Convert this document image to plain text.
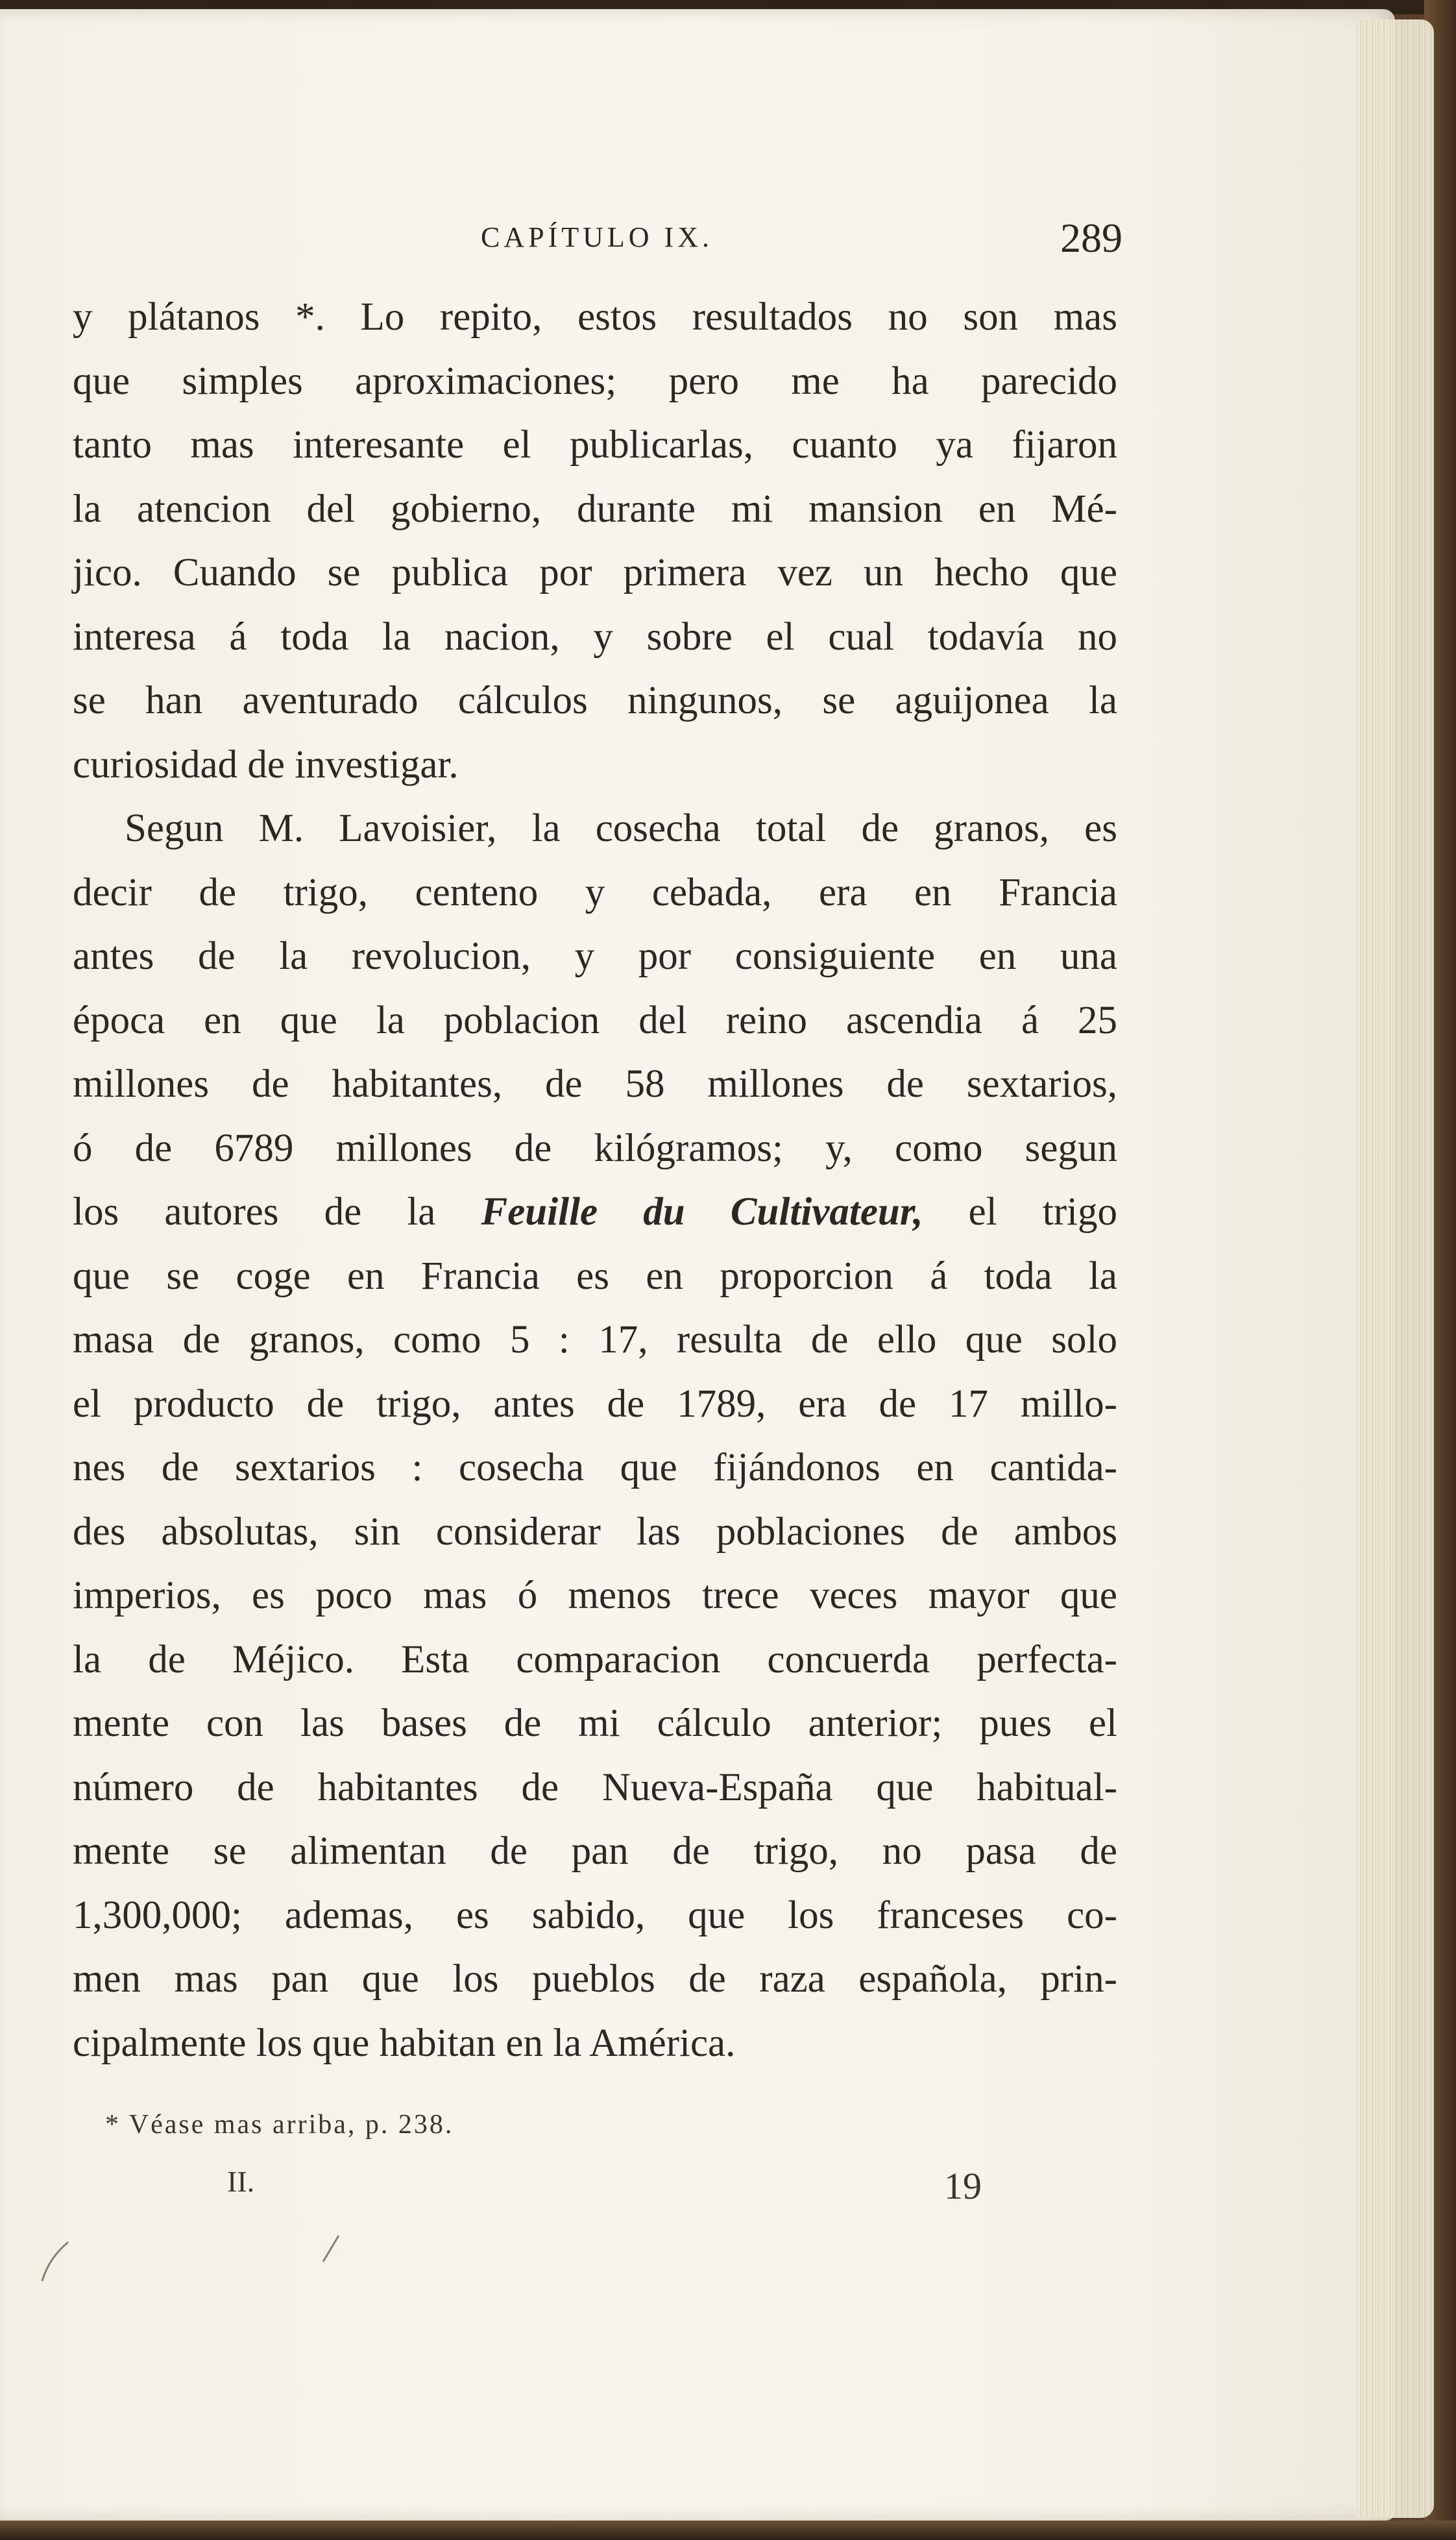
CAPÍTULO IX.	289
y plátanos *. Lo repito, estos resultados no son mas
que simples aproximaciones; pero me ha parecido
tanto mas interesante el publicarlas, cuanto ya fijaron
la atencion del gobierno, durante mi mansion en Mé-
jico. Cuando se publica por primera vez un hecho que
interesa á toda la nacion, y sobre el cual todavía no
se han aventurado cálculos ningunos, se aguijonea la
curiosidad de investigar.
Segun M. Lavoisier, la cosecha total de granos, es
decir de trigo, centeno y cebada, era en Francia
antes de la revolucion, y por consiguiente en una
época en que la poblacion del reino ascendia á 25
millones de habitantes, de 58 millones de sextarios,
ó de 6789 millones de kilógramos; y, como segun
los autores de la Feuille du Cultivateur, el trigo
que se coge en Francia es en proporcion á toda la
masa de granos, como 5 : 17, resulta de ello que solo
el producto de trigo, antes de 1789, era de 17 millo-
nes de sextarios : cosecha que fijándonos en cantida-
des absolutas, sin considerar las poblaciones de ambos
imperios, es poco mas ó menos trece veces mayor que
la de Méjico. Esta comparacion concuerda perfecta-
mente con las bases de mi cálculo anterior; pues el
número de habitantes de Nueva-España que habitual-
mente se alimentan de pan de trigo, no pasa de
1,300,000; ademas, es sabido, que los franceses co-
men mas pan que los pueblos de raza española, prin-
cipalmente los que habitan en la América.
* Véase mas arriba, p. 238.
II.	19
